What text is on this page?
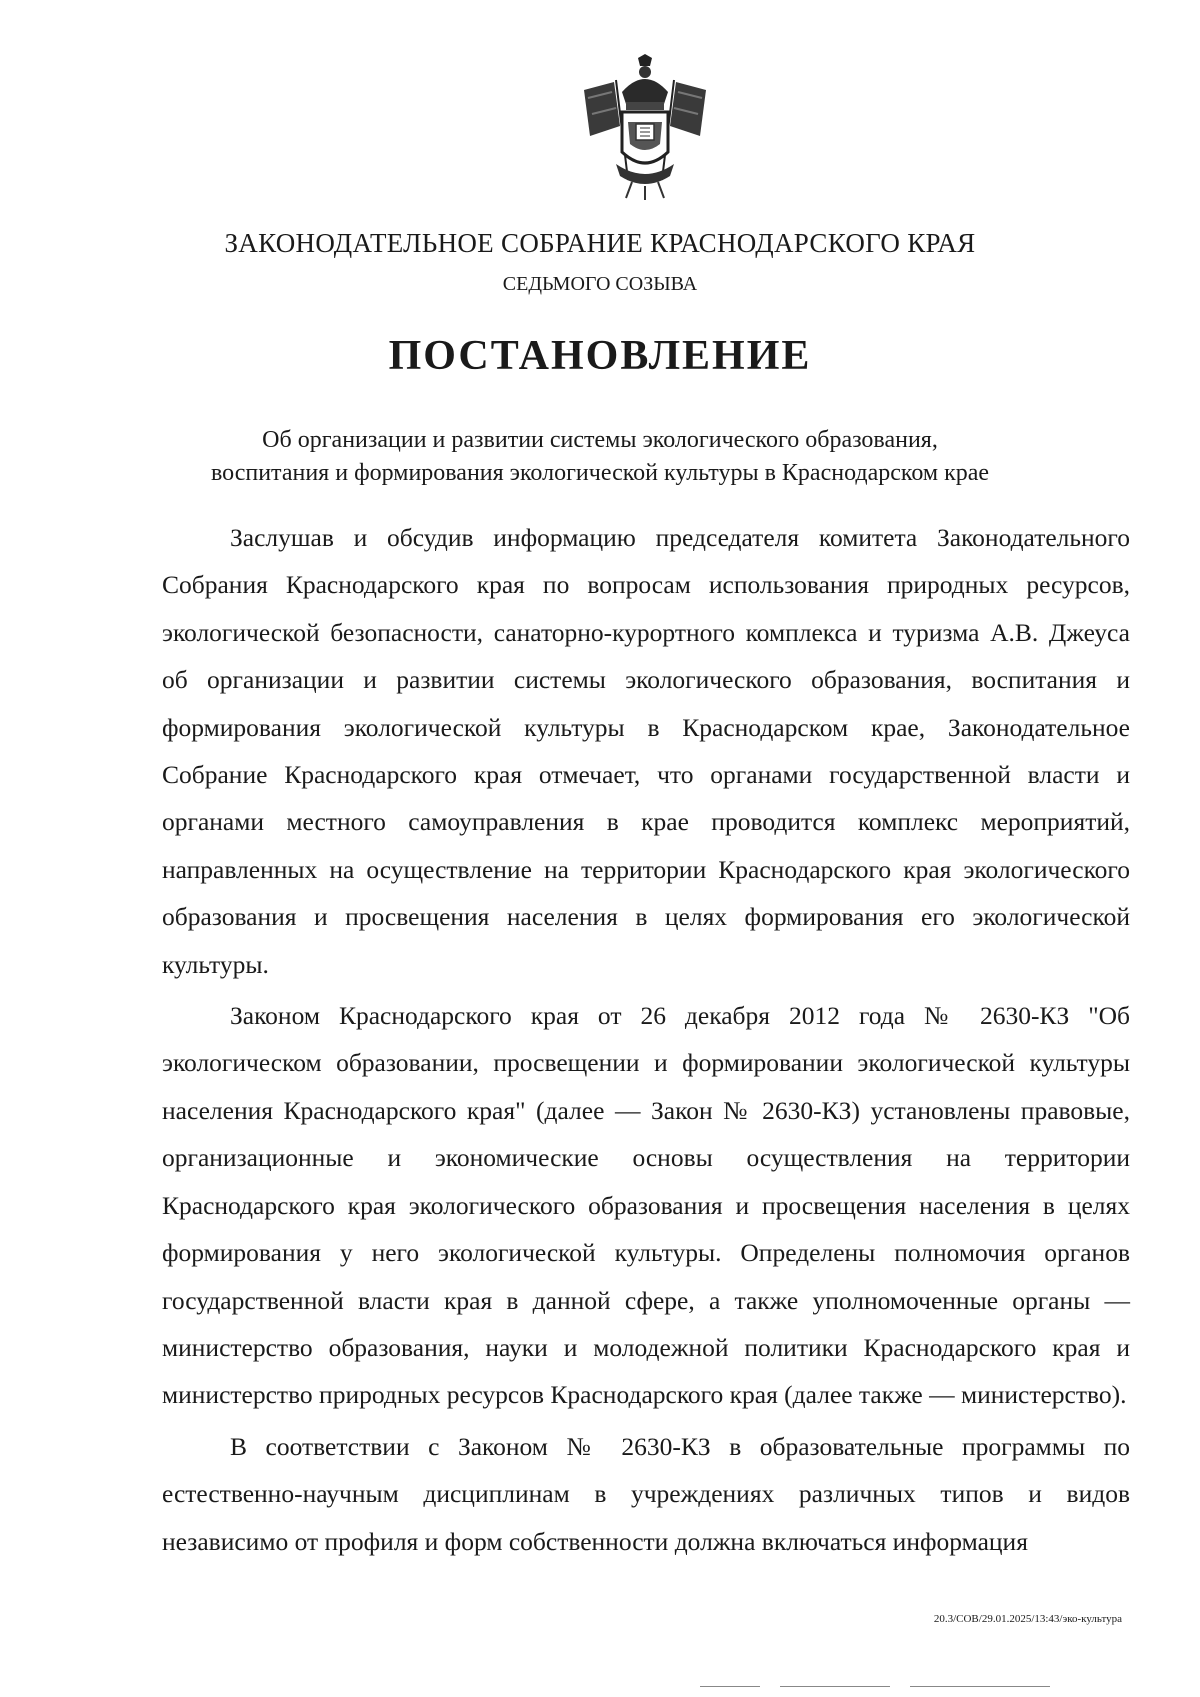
ЗАКОНОДАТЕЛЬНОЕ СОБРАНИЕ КРАСНОДАРСКОГО КРАЯ
СЕДЬМОГО СОЗЫВА
ПОСТАНОВЛЕНИЕ
Об организации и развитии системы экологического образования,
воспитания и формирования экологической культуры в Краснодарском крае

Заслушав и обсудив информацию председателя комитета Законодательного Собрания Краснодарского края по вопросам использования природных ресурсов, экологической безопасности, санаторно-курортного комплекса и туризма А.В. Джеуса об организации и развитии системы экологического образования, воспитания и формирования экологической культуры в Краснодарском крае, Законодательное Собрание Краснодарского края отмечает, что органами государственной власти и органами местного самоуправления в крае проводится комплекс мероприятий, направленных на осуществление на территории Краснодарского края экологического образования и просвещения населения в целях формирования его экологической культуры.

Законом Краснодарского края от 26 декабря 2012 года № 2630-КЗ "Об экологическом образовании, просвещении и формировании экологической культуры населения Краснодарского края" (далее — Закон № 2630-КЗ) установлены правовые, организационные и экономические основы осуществления на территории Краснодарского края экологического образования и просвещения населения в целях формирования у него экологической культуры. Определены полномочия органов государственной власти края в данной сфере, а также уполномоченные органы — министерство образования, науки и молодежной политики Краснодарского края и министерство природных ресурсов Краснодарского края (далее также — министерство).

В соответствии с Законом № 2630-КЗ в образовательные программы по естественно-научным дисциплинам в учреждениях различных типов и видов независимо от профиля и форм собственности должна включаться информация

20.3/СОВ/29.01.2025/13:43/эко-культура
